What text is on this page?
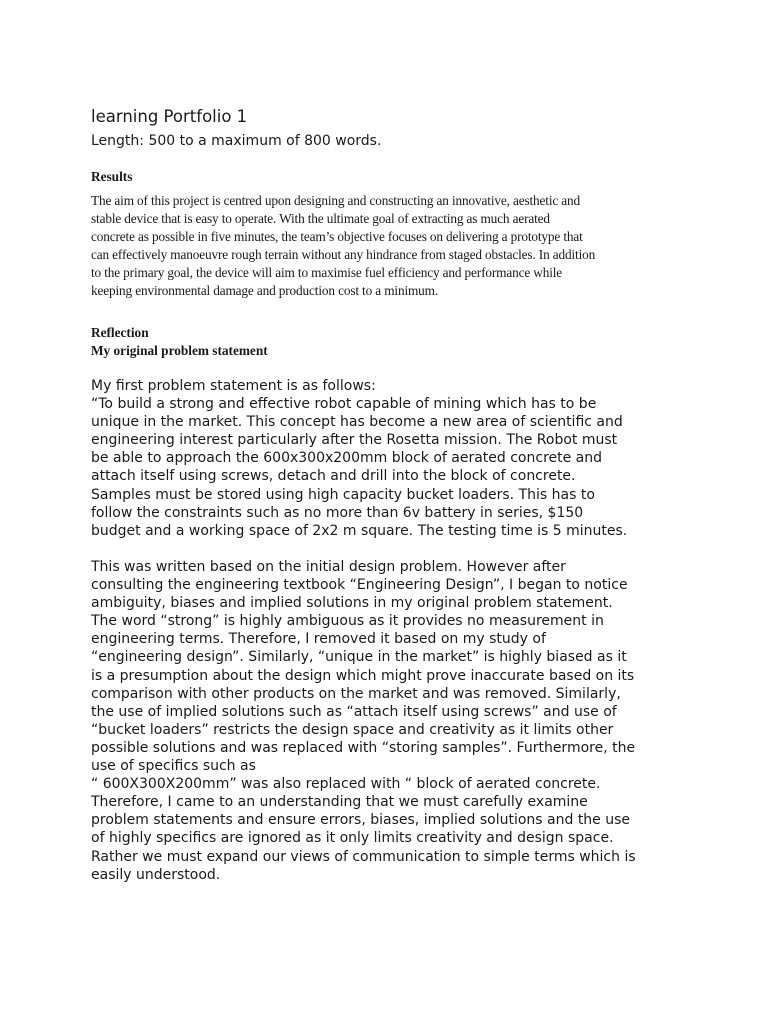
learning Portfolio 1
Length: 500 to a maximum of 800 words.
Results
The aim of this project is centred upon designing and constructing an innovative, aesthetic and
stable device that is easy to operate. With the ultimate goal of extracting as much aerated
concrete as possible in five minutes, the team’s objective focuses on delivering a prototype that
can effectively manoeuvre rough terrain without any hindrance from staged obstacles. In addition
to the primary goal, the device will aim to maximise fuel efficiency and performance while
keeping environmental damage and production cost to a minimum.
Reflection
My original problem statement
My first problem statement is as follows:
“To build a strong and effective robot capable of mining which has to be
unique in the market. This concept has become a new area of scientific and
engineering interest particularly after the Rosetta mission. The Robot must
be able to approach the 600x300x200mm block of aerated concrete and
attach itself using screws, detach and drill into the block of concrete.
Samples must be stored using high capacity bucket loaders. This has to
follow the constraints such as no more than 6v battery in series, $150
budget and a working space of 2x2 m square. The testing time is 5 minutes.
This was written based on the initial design problem. However after
consulting the engineering textbook “Engineering Design”, I began to notice
ambiguity, biases and implied solutions in my original problem statement.
The word “strong” is highly ambiguous as it provides no measurement in
engineering terms. Therefore, I removed it based on my study of
“engineering design”. Similarly, “unique in the market” is highly biased as it
is a presumption about the design which might prove inaccurate based on its
comparison with other products on the market and was removed. Similarly,
the use of implied solutions such as “attach itself using screws” and use of
“bucket loaders” restricts the design space and creativity as it limits other
possible solutions and was replaced with “storing samples”. Furthermore, the
use of specifics such as
“ 600X300X200mm” was also replaced with “ block of aerated concrete.
Therefore, I came to an understanding that we must carefully examine
problem statements and ensure errors, biases, implied solutions and the use
of highly specifics are ignored as it only limits creativity and design space.
Rather we must expand our views of communication to simple terms which is
easily understood.
